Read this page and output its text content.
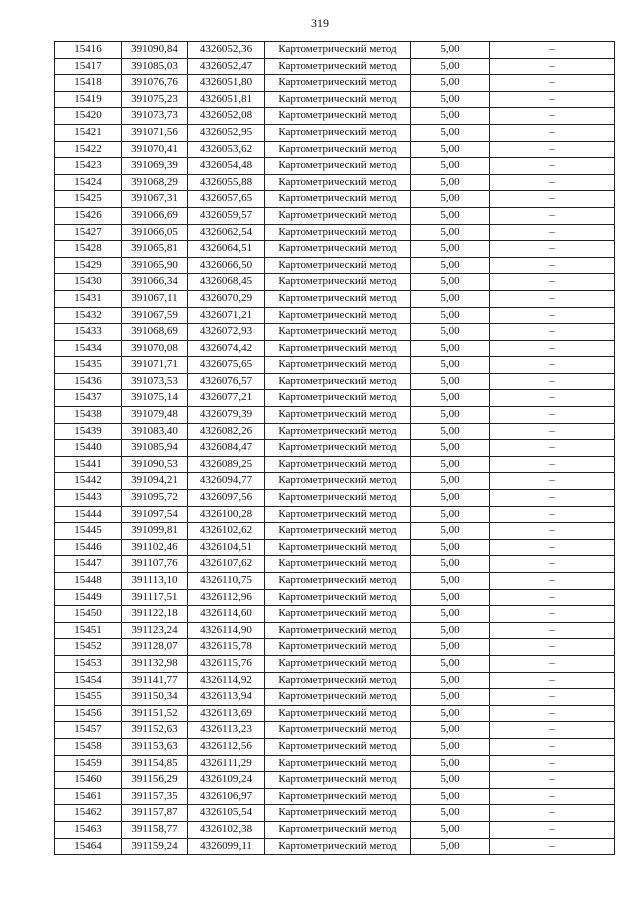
319
15416	391090,84	4326052,36	Картометрический метод	5,00	–
15417	391085,03	4326052,47	Картометрический метод	5,00	–
15418	391076,76	4326051,80	Картометрический метод	5,00	–
15419	391075,23	4326051,81	Картометрический метод	5,00	–
15420	391073,73	4326052,08	Картометрический метод	5,00	–
15421	391071,56	4326052,95	Картометрический метод	5,00	–
15422	391070,41	4326053,62	Картометрический метод	5,00	–
15423	391069,39	4326054,48	Картометрический метод	5,00	–
15424	391068,29	4326055,88	Картометрический метод	5,00	–
15425	391067,31	4326057,65	Картометрический метод	5,00	–
15426	391066,69	4326059,57	Картометрический метод	5,00	–
15427	391066,05	4326062,54	Картометрический метод	5,00	–
15428	391065,81	4326064,51	Картометрический метод	5,00	–
15429	391065,90	4326066,50	Картометрический метод	5,00	–
15430	391066,34	4326068,45	Картометрический метод	5,00	–
15431	391067,11	4326070,29	Картометрический метод	5,00	–
15432	391067,59	4326071,21	Картометрический метод	5,00	–
15433	391068,69	4326072,93	Картометрический метод	5,00	–
15434	391070,08	4326074,42	Картометрический метод	5,00	–
15435	391071,71	4326075,65	Картометрический метод	5,00	–
15436	391073,53	4326076,57	Картометрический метод	5,00	–
15437	391075,14	4326077,21	Картометрический метод	5,00	–
15438	391079,48	4326079,39	Картометрический метод	5,00	–
15439	391083,40	4326082,26	Картометрический метод	5,00	–
15440	391085,94	4326084,47	Картометрический метод	5,00	–
15441	391090,53	4326089,25	Картометрический метод	5,00	–
15442	391094,21	4326094,77	Картометрический метод	5,00	–
15443	391095,72	4326097,56	Картометрический метод	5,00	–
15444	391097,54	4326100,28	Картометрический метод	5,00	–
15445	391099,81	4326102,62	Картометрический метод	5,00	–
15446	391102,46	4326104,51	Картометрический метод	5,00	–
15447	391107,76	4326107,62	Картометрический метод	5,00	–
15448	391113,10	4326110,75	Картометрический метод	5,00	–
15449	391117,51	4326112,96	Картометрический метод	5,00	–
15450	391122,18	4326114,60	Картометрический метод	5,00	–
15451	391123,24	4326114,90	Картометрический метод	5,00	–
15452	391128,07	4326115,78	Картометрический метод	5,00	–
15453	391132,98	4326115,76	Картометрический метод	5,00	–
15454	391141,77	4326114,92	Картометрический метод	5,00	–
15455	391150,34	4326113,94	Картометрический метод	5,00	–
15456	391151,52	4326113,69	Картометрический метод	5,00	–
15457	391152,63	4326113,23	Картометрический метод	5,00	–
15458	391153,63	4326112,56	Картометрический метод	5,00	–
15459	391154,85	4326111,29	Картометрический метод	5,00	–
15460	391156,29	4326109,24	Картометрический метод	5,00	–
15461	391157,35	4326106,97	Картометрический метод	5,00	–
15462	391157,87	4326105,54	Картометрический метод	5,00	–
15463	391158,77	4326102,38	Картометрический метод	5,00	–
15464	391159,24	4326099,11	Картометрический метод	5,00	–
